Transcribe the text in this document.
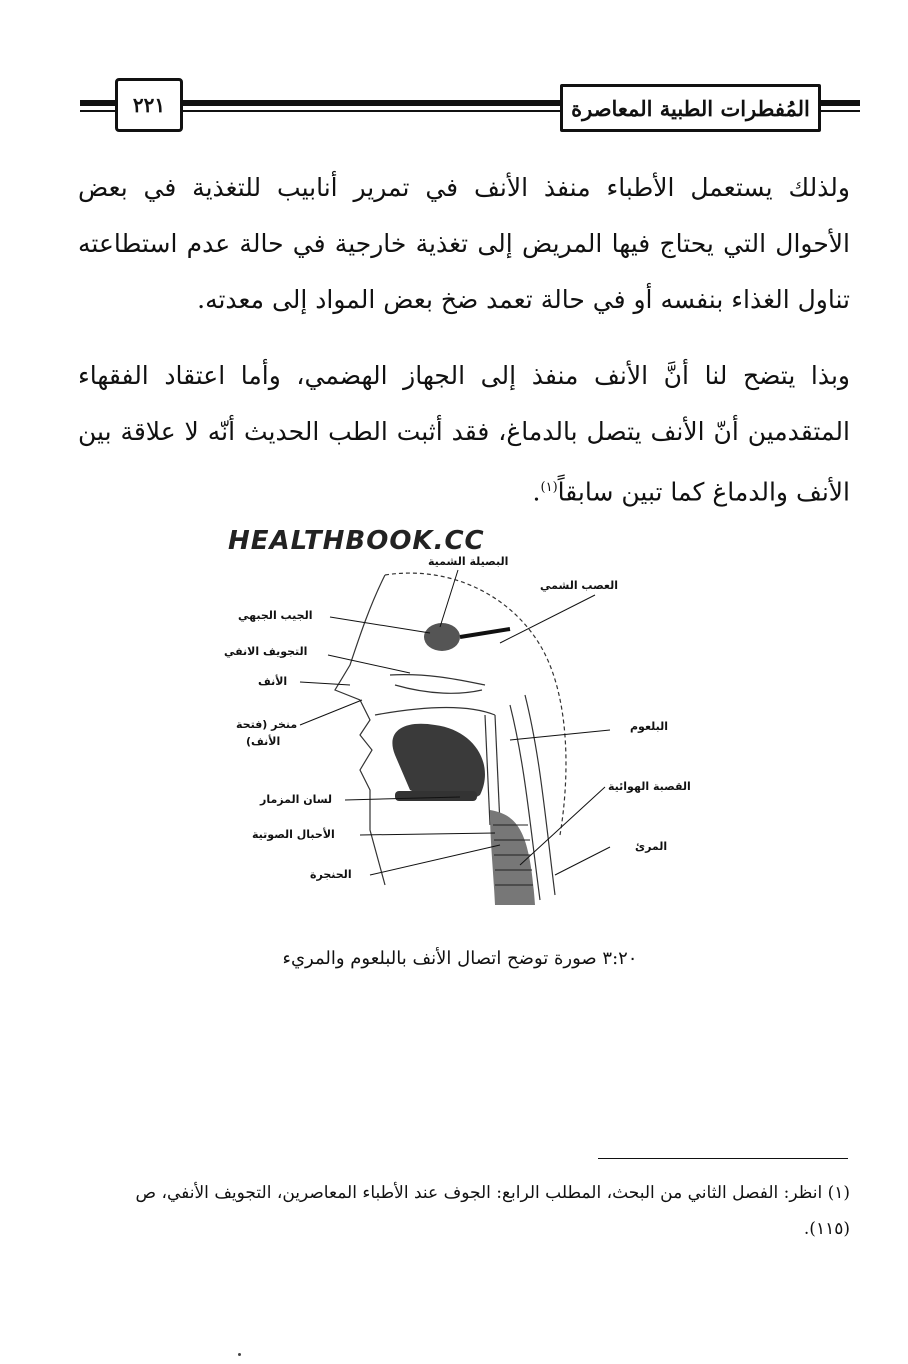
٢٢١	المُفطرات الطبية المعاصرة
ولذلك يستعمل الأطباء منفذ الأنف في تمرير أنابيب للتغذية في بعض الأحوال التي يحتاج فيها المريض إلى تغذية خارجية في حالة عدم استطاعته تناول الغذاء بنفسه أو في حالة تعمد ضخ بعض المواد إلى معدته.
وبذا يتضح لنا أنَّ الأنف منفذ إلى الجهاز الهضمي، وأما اعتقاد الفقهاء المتقدمين أنّ الأنف يتصل بالدماغ، فقد أثبت الطب الحديث أنّه لا علاقة بين الأنف والدماغ كما تبين سابقاً$^{(١)}$.
HEALTHBOOK.CC
البصيلة الشمية
العصب الشمي
الجيب الجبهي
التجويف الانفي
الأنف
منخر (فتحة
الأنف)
البلعوم
القصبة الهوائية
لسان المزمار
الأحبال الصوتية
المرئ
الحنجرة
٣:٢٠ صورة توضح اتصال الأنف بالبلعوم والمريء
(١) انظر: الفصل الثاني من البحث، المطلب الرابع: الجوف عند الأطباء المعاصرين، التجويف الأنفي، ص
(١١٥).
